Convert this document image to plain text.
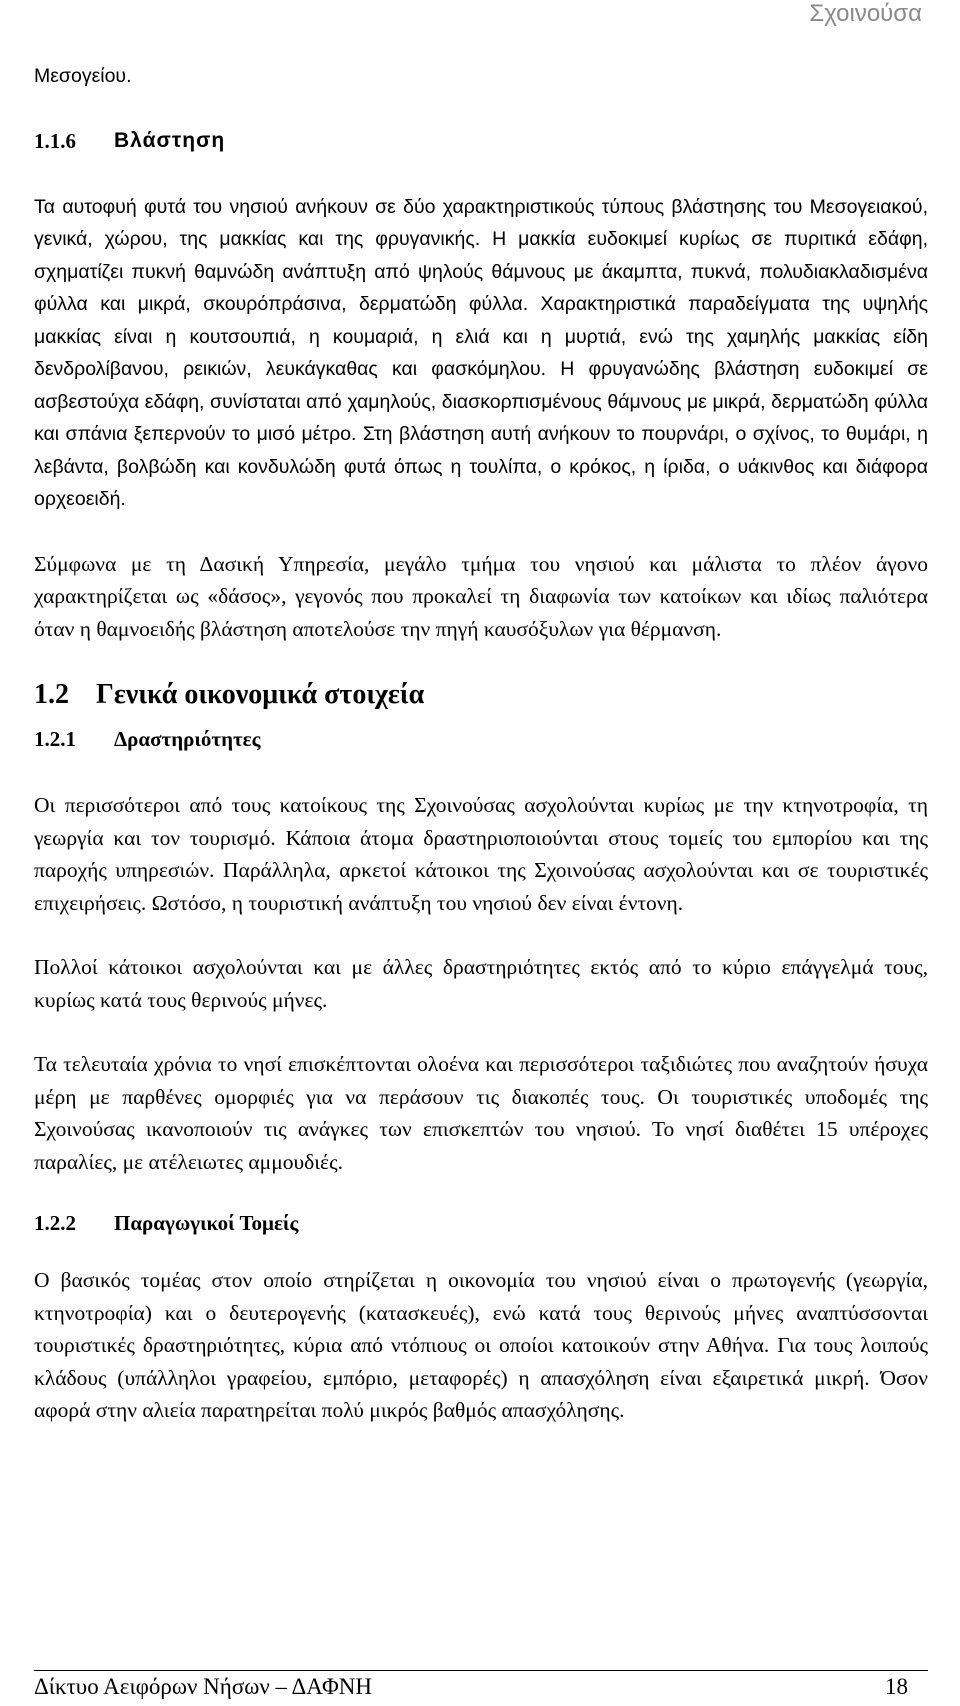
Σχοινούσα

Μεσογείου.

1.1.6	Βλάστηση

Τα αυτοφυή φυτά του νησιού ανήκουν σε δύο χαρακτηριστικούς τύπους βλάστησης του Μεσογειακού, γενικά, χώρου, της μακκίας και της φρυγανικής. Η μακκία ευδοκιμεί κυρίως σε πυριτικά εδάφη, σχηματίζει πυκνή θαμνώδη ανάπτυξη από ψηλούς θάμνους με άκαμπτα, πυκνά, πολυδιακλαδισμένα φύλλα και μικρά, σκουρόπράσινα, δερματώδη φύλλα. Χαρακτηριστικά παραδείγματα της υψηλής μακκίας είναι η κουτσουπιά, η κουμαριά, η ελιά και η μυρτιά, ενώ της χαμηλής μακκίας είδη δενδρολίβανου, ρεικιών, λευκάγκαθας και φασκόμηλου. Η φρυγανώδης βλάστηση ευδοκιμεί σε ασβεστούχα εδάφη, συνίσταται από χαμηλούς, διασκορπισμένους θάμνους με μικρά, δερματώδη φύλλα και σπάνια ξεπερνούν το μισό μέτρο. Στη βλάστηση αυτή ανήκουν το πουρνάρι, ο σχίνος, το θυμάρι, η λεβάντα, βολβώδη και κονδυλώδη φυτά όπως η τουλίπα, ο κρόκος, η ίριδα, ο υάκινθος και διάφορα ορχεοειδή.

Σύμφωνα με τη Δασική Υπηρεσία, μεγάλο τμήμα του νησιού και μάλιστα το πλέον άγονο χαρακτηρίζεται ως «δάσος», γεγονός που προκαλεί τη διαφωνία των κατοίκων και ιδίως παλιότερα όταν η θαμνοειδής βλάστηση αποτελούσε την πηγή καυσόξυλων για θέρμανση.

1.2 Γενικά οικονομικά στοιχεία
1.2.1	Δραστηριότητες

Οι περισσότεροι από τους κατοίκους της Σχοινούσας ασχολούνται κυρίως με την κτηνοτροφία, τη γεωργία και τον τουρισμό. Κάποια άτομα δραστηριοποιούνται στους τομείς του εμπορίου και της παροχής υπηρεσιών. Παράλληλα, αρκετοί κάτοικοι της Σχοινούσας ασχολούνται και σε τουριστικές επιχειρήσεις. Ωστόσο, η τουριστική ανάπτυξη του νησιού δεν είναι έντονη.

Πολλοί κάτοικοι ασχολούνται και με άλλες δραστηριότητες εκτός από το κύριο επάγγελμά τους, κυρίως κατά τους θερινούς μήνες.

Τα τελευταία χρόνια το νησί επισκέπτονται ολοένα και περισσότεροι ταξιδιώτες που αναζητούν ήσυχα μέρη με παρθένες ομορφιές για να περάσουν τις διακοπές τους. Οι τουριστικές υποδομές της Σχοινούσας ικανοποιούν τις ανάγκες των επισκεπτών του νησιού. Το νησί διαθέτει 15 υπέροχες παραλίες, με ατέλειωτες αμμουδιές.

1.2.2	Παραγωγικοί Τομείς

Ο βασικός τομέας στον οποίο στηρίζεται η οικονομία του νησιού είναι ο πρωτογενής (γεωργία, κτηνοτροφία) και ο δευτερογενής (κατασκευές), ενώ κατά τους θερινούς μήνες αναπτύσσονται τουριστικές δραστηριότητες, κύρια από ντόπιους οι οποίοι κατοικούν στην Αθήνα. Για τους λοιπούς κλάδους (υπάλληλοι γραφείου, εμπόριο, μεταφορές) η απασχόληση είναι εξαιρετικά μικρή. Όσον αφορά στην αλιεία παρατηρείται πολύ μικρός βαθμός απασχόλησης.

Δίκτυο Αειφόρων Νήσων – ΔΑΦΝΗ	18
